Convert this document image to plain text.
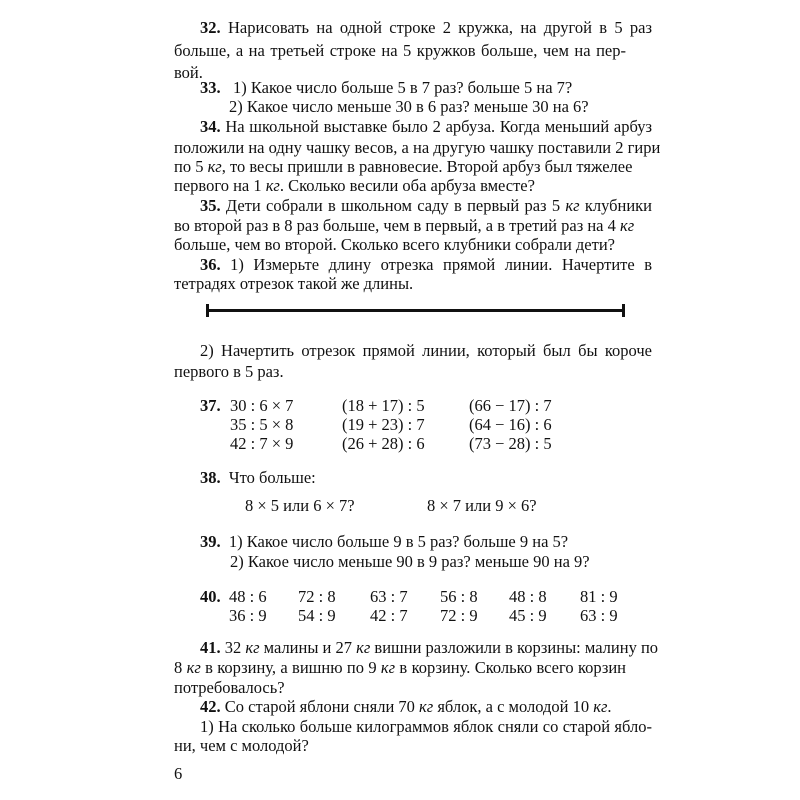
32. Нарисовать на одной строке 2 кружка, на другой в 5 раз
больше, а на третьей строке на 5 кружков больше, чем на пер-
вой.
33. 1) Какое число больше 5 в 7 раз? больше 5 на 7?
2) Какое число меньше 30 в 6 раз? меньше 30 на 6?
34. На школьной выставке было 2 арбуза. Когда меньший арбуз
положили на одну чашку весов, а на другую чашку поставили 2 гири
по 5 кг, то весы пришли в равновесие. Второй арбуз был тяжелее
первого на 1 кг. Сколько весили оба арбуза вместе?
35. Дети собрали в школьном саду в первый раз 5 кг клубники
во второй раз в 8 раз больше, чем в первый, а в третий раз на 4 кг
больше, чем во второй. Сколько всего клубники собрали дети?
36. 1) Измерьте длину отрезка прямой линии. Начертите в
тетрадях отрезок такой же длины.
2) Начертить отрезок прямой линии, который был бы короче
первого в 5 раз.
37. 30 : 6 × 7
35 : 5 × 8
42 : 7 × 9
(18 + 17) : 5
(19 + 23) : 7
(26 + 28) : 6
(66 − 17) : 7
(64 − 16) : 6
(73 − 28) : 5
38. Что больше:
8 × 5 или 6 × 7?	8 × 7 или 9 × 6?
39. 1) Какое число больше 9 в 5 раз? больше 9 на 5?
2) Какое число меньше 90 в 9 раз? меньше 90 на 9?
40. 48 : 6 72 : 8 63 : 7 56 : 8 48 : 8 81 : 9
36 : 9 54 : 9 42 : 7 72 : 9 45 : 9 63 : 9
41. 32 кг малины и 27 кг вишни разложили в корзины: малину по
8 кг в корзину, а вишню по 9 кг в корзину. Сколько всего корзин
потребовалось?
42. Со старой яблони сняли 70 кг яблок, а с молодой 10 кг.
1) На сколько больше килограммов яблок сняли со старой ябло-
ни, чем с молодой?
6
